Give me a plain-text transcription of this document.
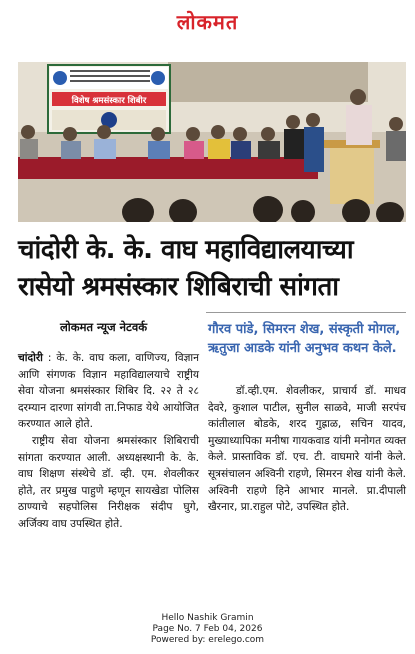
लोकमत
विशेष श्रमसंस्कार शिबीर
चांदोरी के. के. वाघ महाविद्यालयाच्या
रासेयो श्रमसंस्कार शिबिराची सांगता
लोकमत न्यूज नेटवर्क

चांदोरी : के. के. वाघ कला, वाणिज्य, विज्ञान आणि संगणक विज्ञान महाविद्यालयाचे राष्ट्रीय सेवा योजना श्रमसंस्कार शिबिर दि. २२ ते २८ दरम्यान दारणा सांगवी ता.निफाड येथे आयोजित करण्यात आले होते.

राष्ट्रीय सेवा योजना श्रमसंस्कार शिबिराची सांगता करण्यात आली. अध्यक्षस्थानी के. के. वाघ शिक्षण संस्थेचे डॉ. व्ही. एम. शेवलीकर होते, तर प्रमुख पाहुणे म्हणून सायखेडा पोलिस ठाण्याचे सहपोलिस निरीक्षक संदीप घुगे, अर्जिक्य वाघ उपस्थित होते.

गौरव पांडे, सिमरन शेख, संस्कृती मोगल, ऋतुजा आडके यांनी अनुभव कथन केले.

डॉ.व्ही.एम. शेवलीकर, प्राचार्य डॉ. माधव देवरे, कुशाल पाटील, सुनील साळवे, माजी सरपंच कांतीलाल बोडके, शरद गुह्राळ, सचिन यादव, मुख्याध्यापिका मनीषा गायकवाड यांनी मनोगत व्यक्त केले. प्रास्ताविक डॉ. एच. टी. वाघमारे यांनी केले. सूत्रसंचालन अश्विनी राहणे, सिमरन शेख यांनी केले. अश्विनी राहणे हिने आभार मानले. प्रा.दीपाली खैरनार, प्रा.राहुल पोटे, उपस्थित होते.

Hello Nashik Gramin
Page No. 7 Feb 04, 2026
Powered by: erelego.com
